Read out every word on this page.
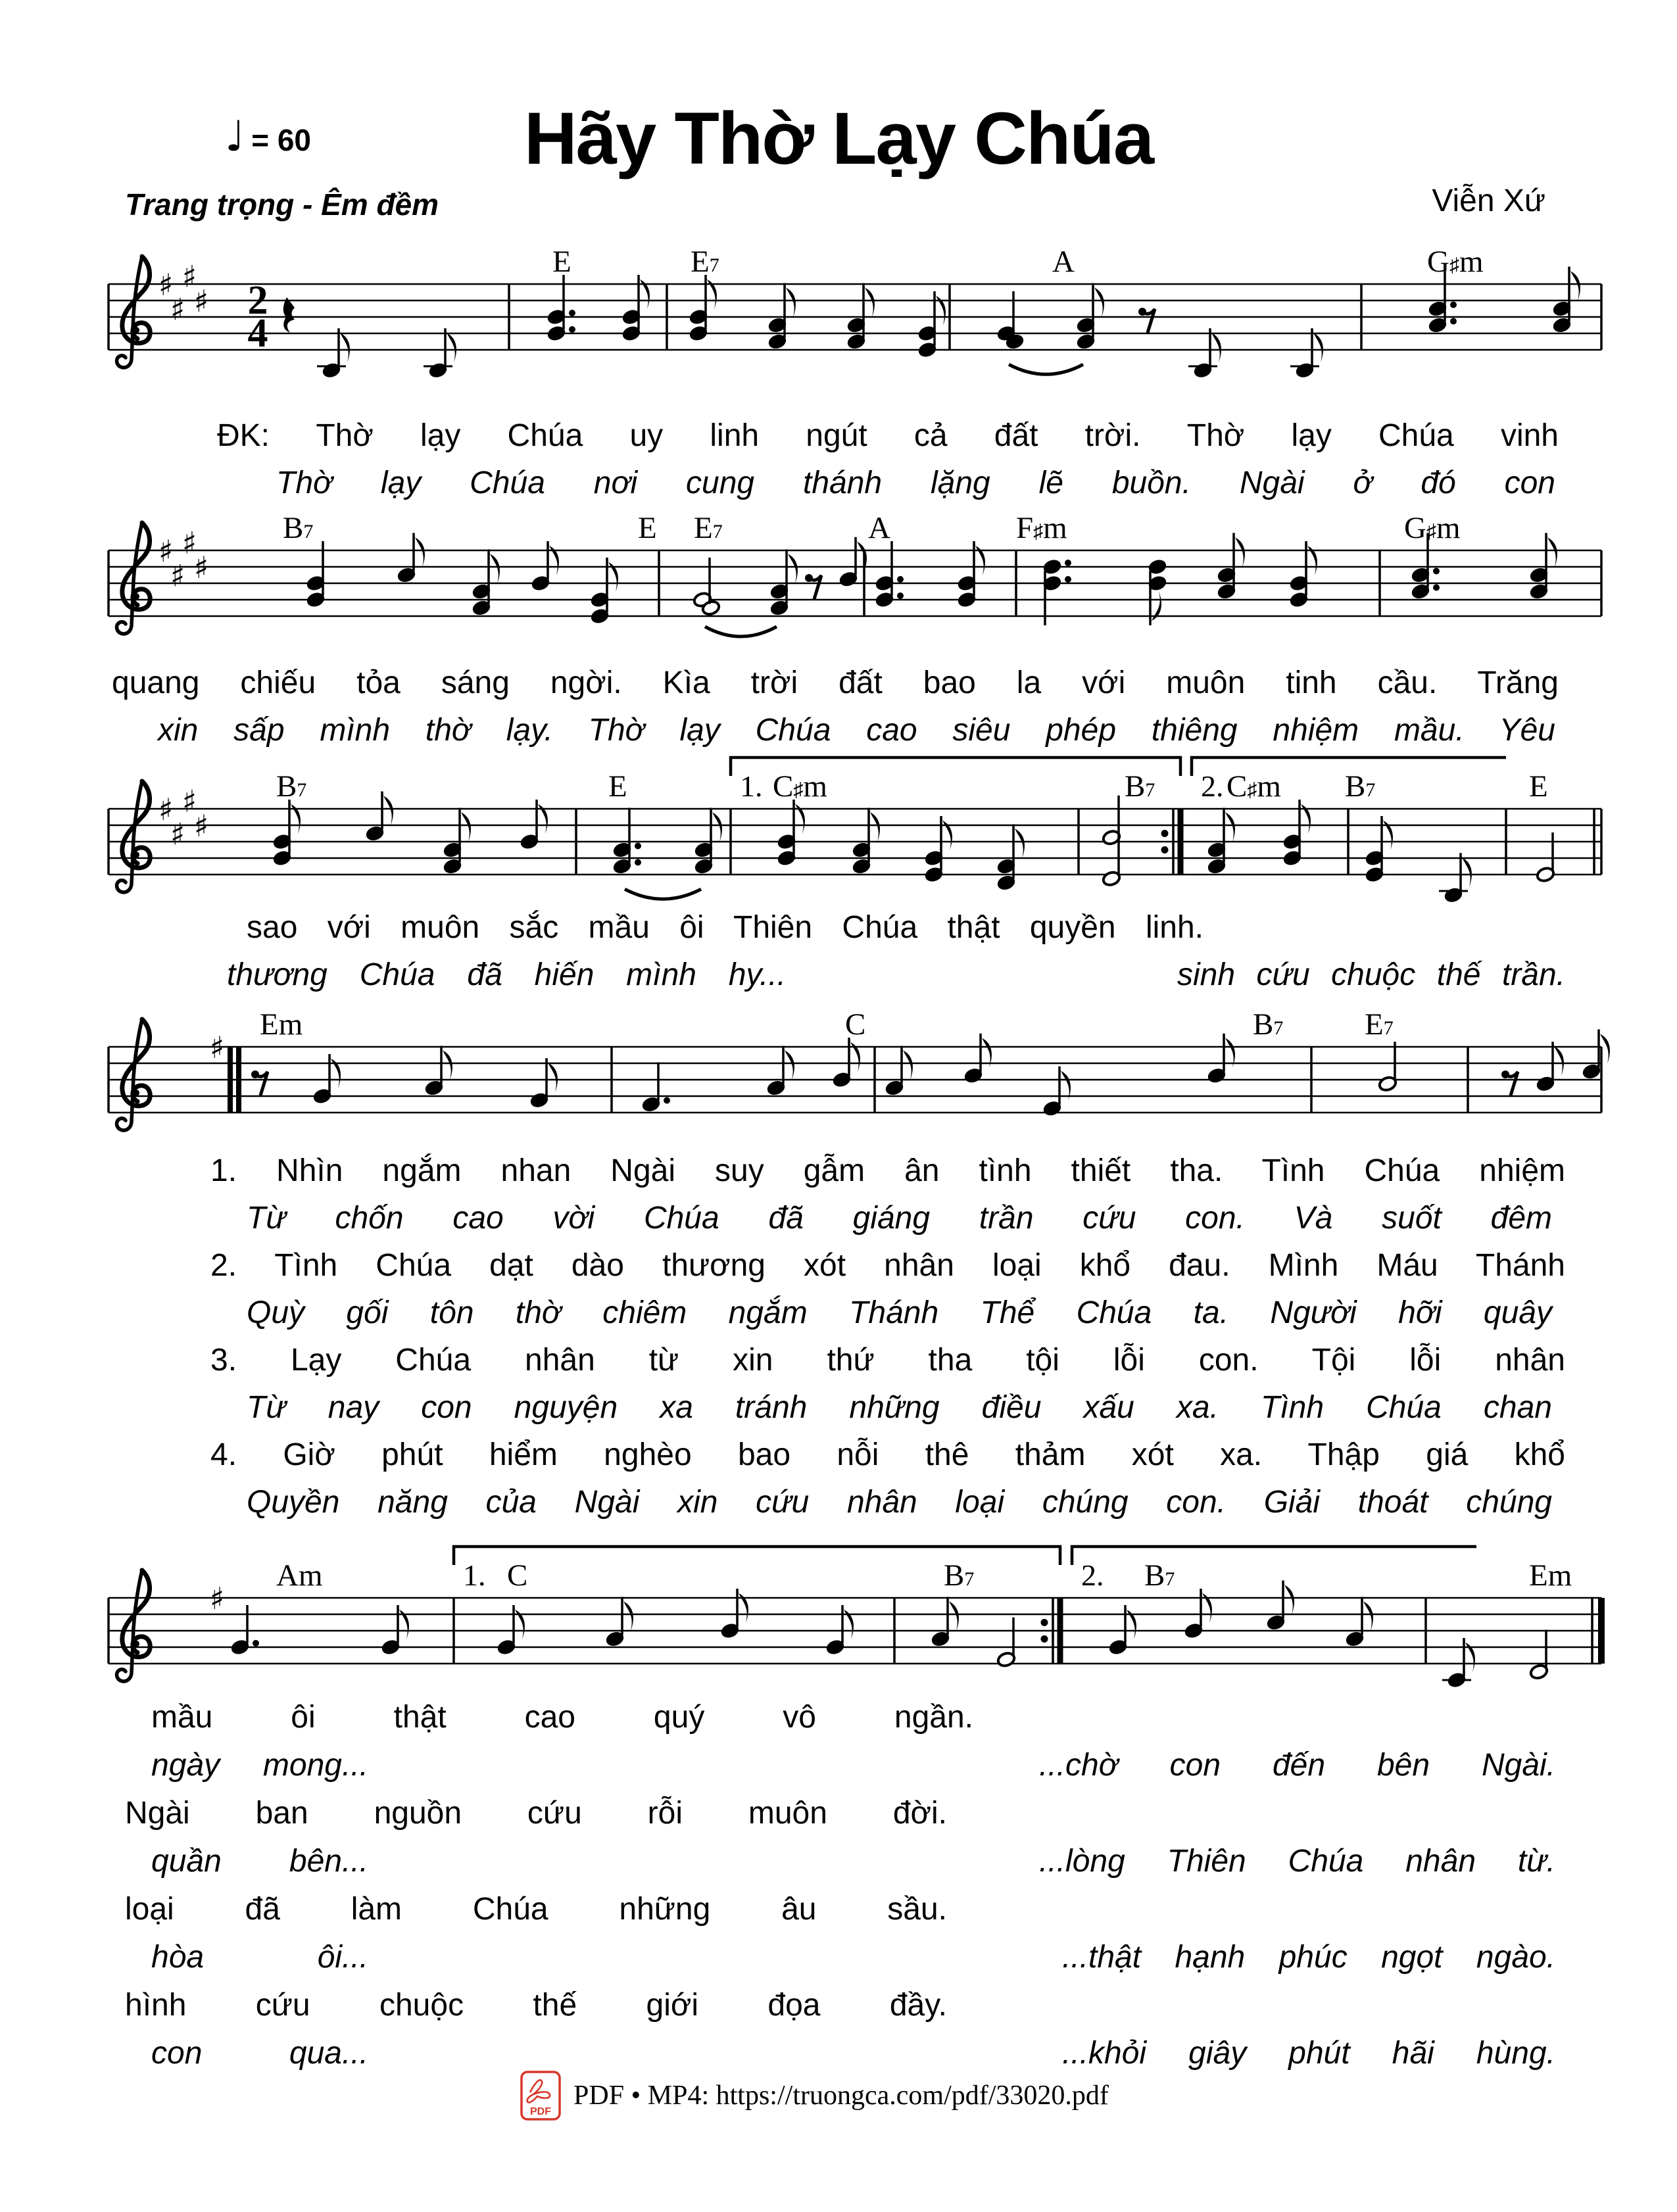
♩ = 60	Hãy Thờ Lạy Chúa
Trang trọng - Êm đềm	Viễn Xứ
♯
♯
♯
♯ 2
4
E	$E^7$	A	G♯m
♯
♯
♯
♯
$B^7$	E $E^7$	A	F♯m	G♯m
♯
♯
♯
♯
$B^7$	E	C♯m	$B^7$ C♯m $B^7$	E
1.	2.
♯
Em	C	$B^7$	$E^7$
♯
Am	C	$B^7$	$B^7$	Em
1.	2.
ĐK: Thờ lạy Chúa uy linh ngút cả đất trời. Thờ lạy Chúa vinh
Thờ lạy Chúa nơi cung thánh lặng lẽ buồn. Ngài ở đó con
quang chiếu tỏa sáng ngời. Kìa trời đất bao la với muôn tinh cầu. Trăng
xin sấp mình thờ lạy. Thờ lạy Chúa cao siêu phép thiêng nhiệm mầu. Yêu
sao với muôn sắc mầu ôi Thiên Chúa thật quyền linh.
thương Chúa đã hiến mình hy...	sinh cứu chuộc thế trần.
1. Nhìn ngắm nhan Ngài suy gẫm ân tình thiết tha. Tình Chúa nhiệm
Từ chốn cao vời Chúa đã giáng trần cứu con. Và suốt đêm
2. Tình Chúa dạt dào thương xót nhân loại khổ đau. Mình Máu Thánh
Quỳ gối tôn thờ chiêm ngắm Thánh Thể Chúa ta. Người hỡi quây
3. Lạy Chúa nhân từ xin thứ tha tội lỗi con. Tội lỗi nhân
Từ nay con nguyện xa tránh những điều xấu xa. Tình Chúa chan
4. Giờ phút hiểm nghèo bao nỗi thê thảm xót xa. Thập giá khổ
Quyền năng của Ngài xin cứu nhân loại chúng con. Giải thoát chúng
mầu ôi thật cao quý vô ngần.
ngày mong...	...chờ con đến bên Ngài.
Ngài ban nguồn cứu rỗi muôn đời.
quần bên...	...lòng Thiên Chúa nhân từ.
loại đã làm Chúa những âu sầu.
hòa ôi...	...thật hạnh phúc ngọt ngào.
hình cứu chuộc thế giới đọa đầy.
con qua...	...khỏi giây phút hãi hùng.
PDF
PDF • MP4: https://truongca.com/pdf/33020.pdf
